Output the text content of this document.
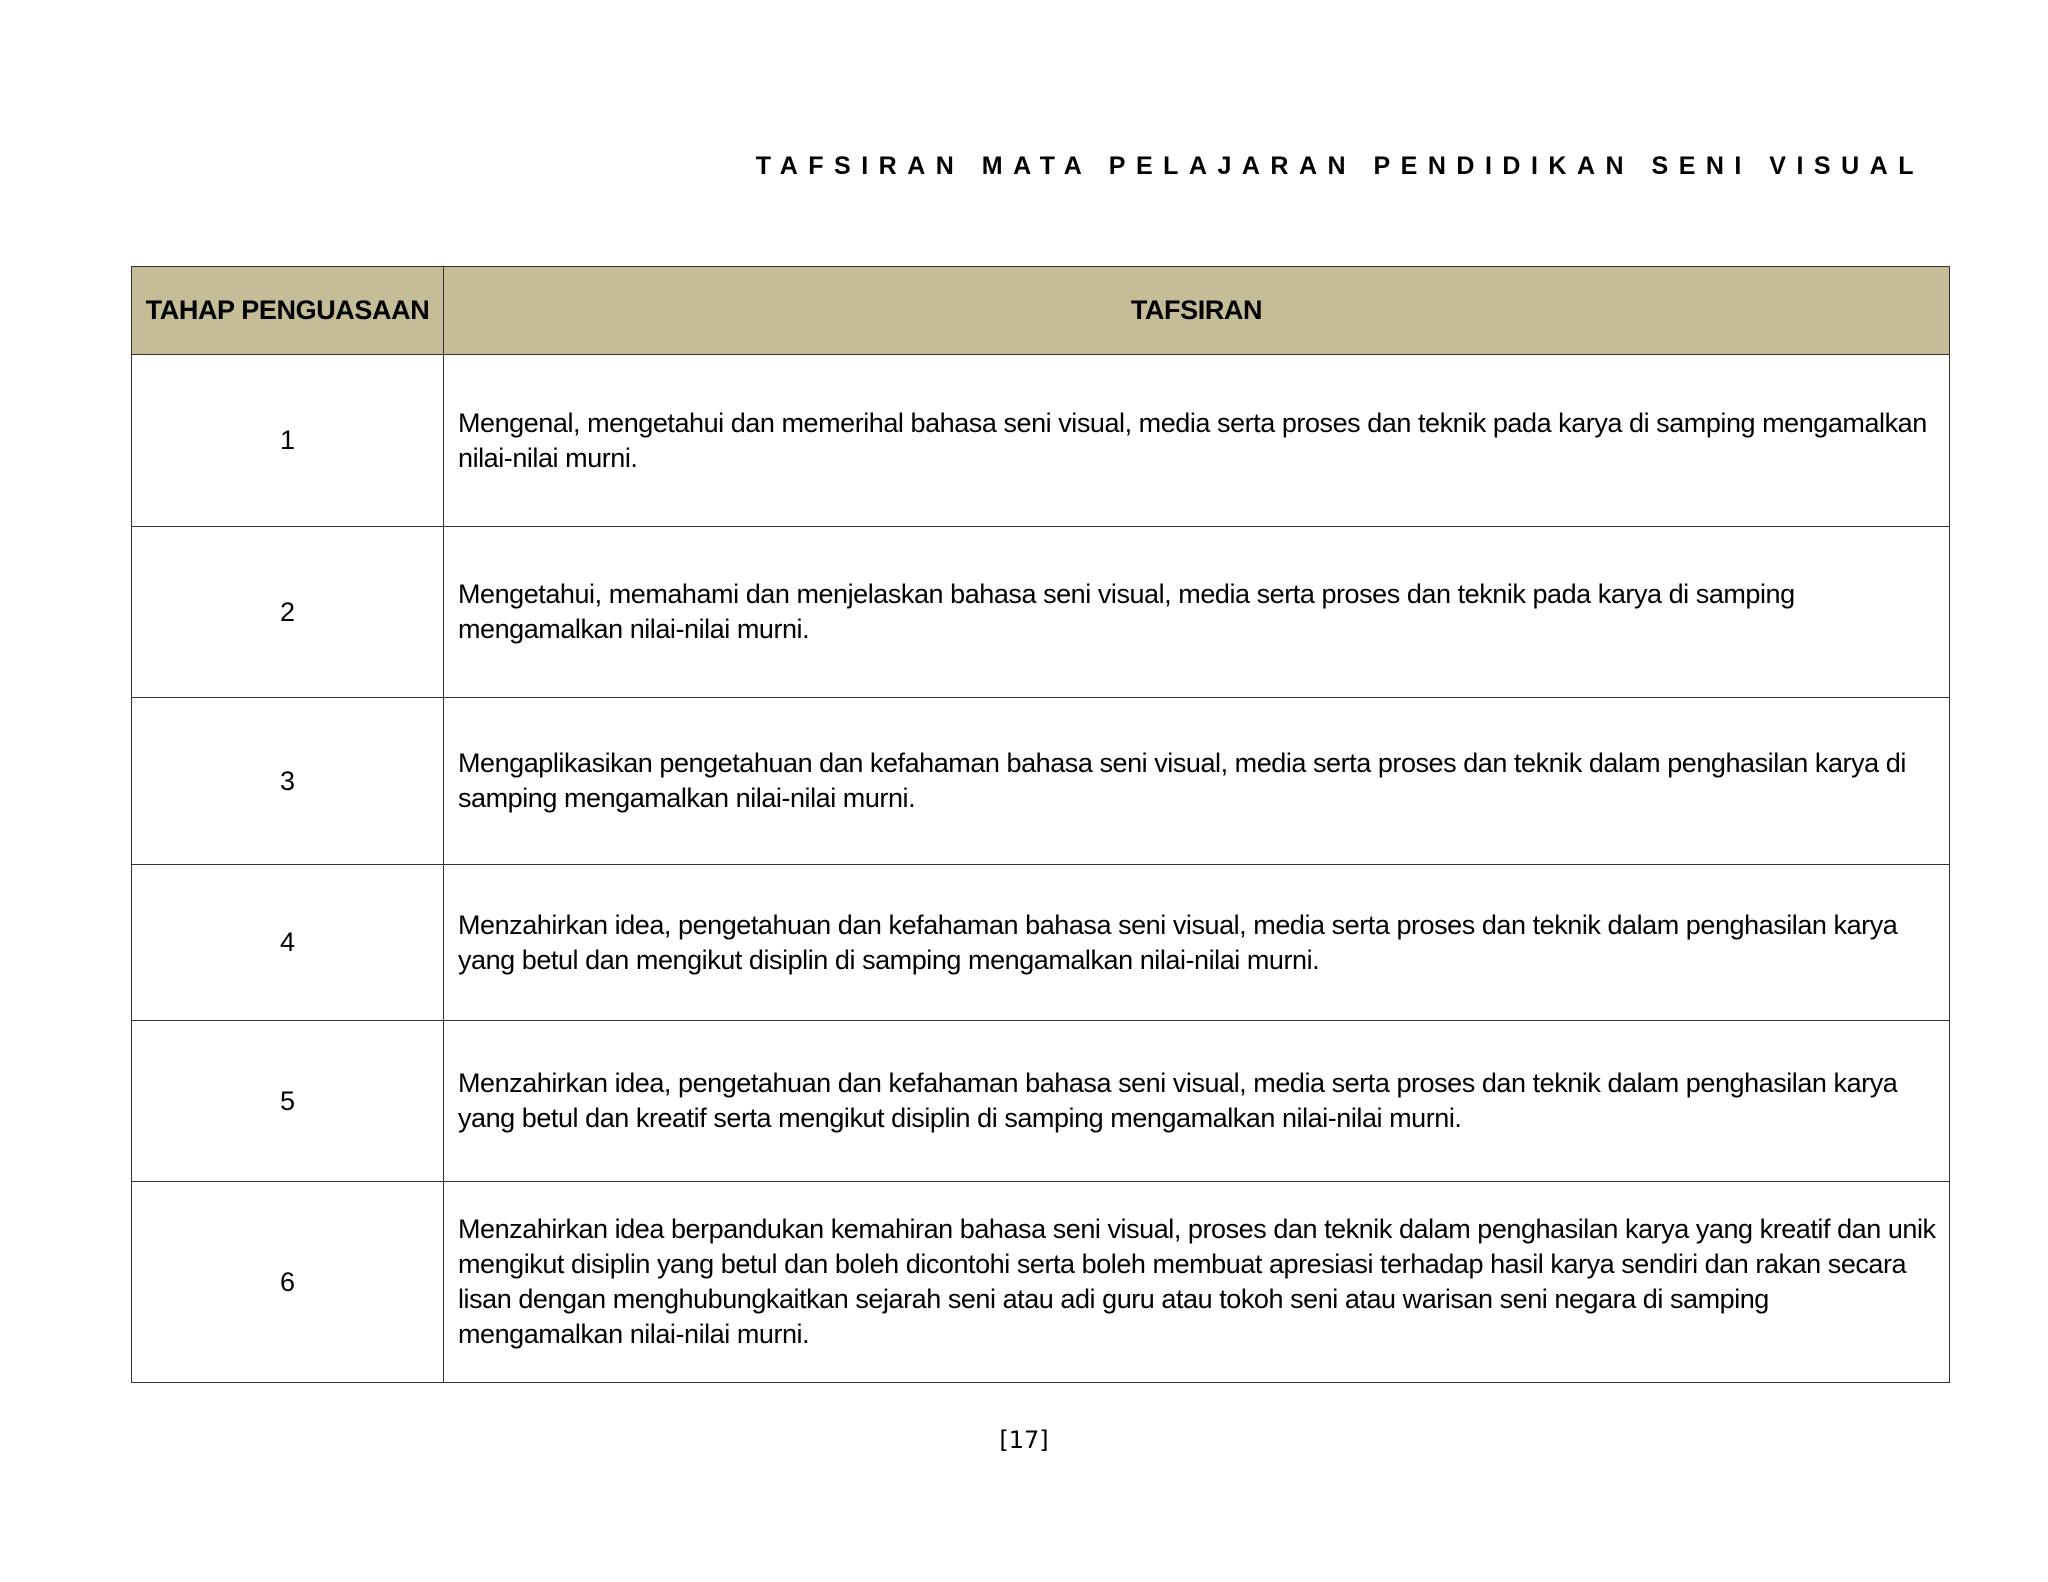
TAFSIRAN MATA PELAJARAN PENDIDIKAN SENI VISUAL
TAHAP PENGUASAAN	TAFSIRAN
1	Mengenal, mengetahui dan memerihal bahasa seni visual, media serta proses dan teknik pada karya di samping mengamalkan nilai-nilai murni.
2	Mengetahui, memahami dan menjelaskan bahasa seni visual, media serta proses dan teknik pada karya di samping mengamalkan nilai-nilai murni.
3	Mengaplikasikan pengetahuan dan kefahaman bahasa seni visual, media serta proses dan teknik dalam penghasilan karya di samping mengamalkan nilai-nilai murni.
4	Menzahirkan idea, pengetahuan dan kefahaman bahasa seni visual, media serta proses dan teknik dalam penghasilan karya yang betul dan mengikut disiplin di samping mengamalkan nilai-nilai murni.
5	Menzahirkan idea, pengetahuan dan kefahaman bahasa seni visual, media serta proses dan teknik dalam penghasilan karya yang betul dan kreatif serta mengikut disiplin di samping mengamalkan nilai-nilai murni.
6	Menzahirkan idea berpandukan kemahiran bahasa seni visual, proses dan teknik dalam penghasilan karya yang kreatif dan unik mengikut disiplin yang betul dan boleh dicontohi serta boleh membuat apresiasi terhadap hasil karya sendiri dan rakan secara lisan dengan menghubungkaitkan sejarah seni atau adi guru atau tokoh seni atau warisan seni negara di samping mengamalkan nilai-nilai murni.
[17]
